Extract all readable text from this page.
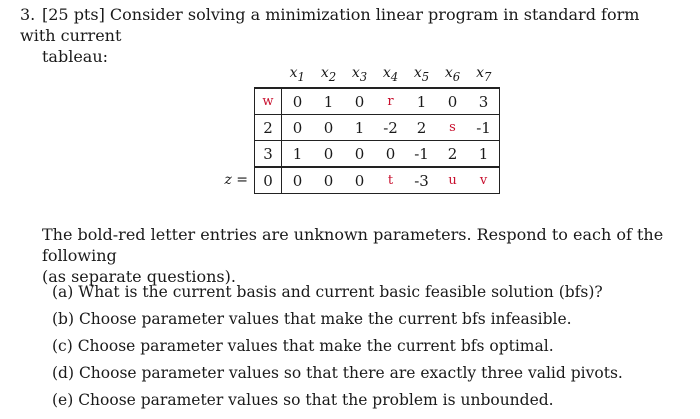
3. [25 pts] Consider solving a minimization linear program in standard form with current
tableau:
		$x_1$	$x_2$	$x_3$	$x_4$	$x_5$	$x_6$	$x_7$
	w	0	1	0	r	1	0	3
	2	0	0	1	-2	2	s	-1
	3	1	0	0	0	-1	2	1
z =	0	0	0	0	t	-3	u	v
The bold-red letter entries are unknown parameters. Respond to each of the following
(as separate questions).
(a) What is the current basis and current basic feasible solution (bfs)?
(b) Choose parameter values that make the current bfs infeasible.
(c) Choose parameter values that make the current bfs optimal.
(d) Choose parameter values so that there are exactly three valid pivots.
(e) Choose parameter values so that the problem is unbounded.
